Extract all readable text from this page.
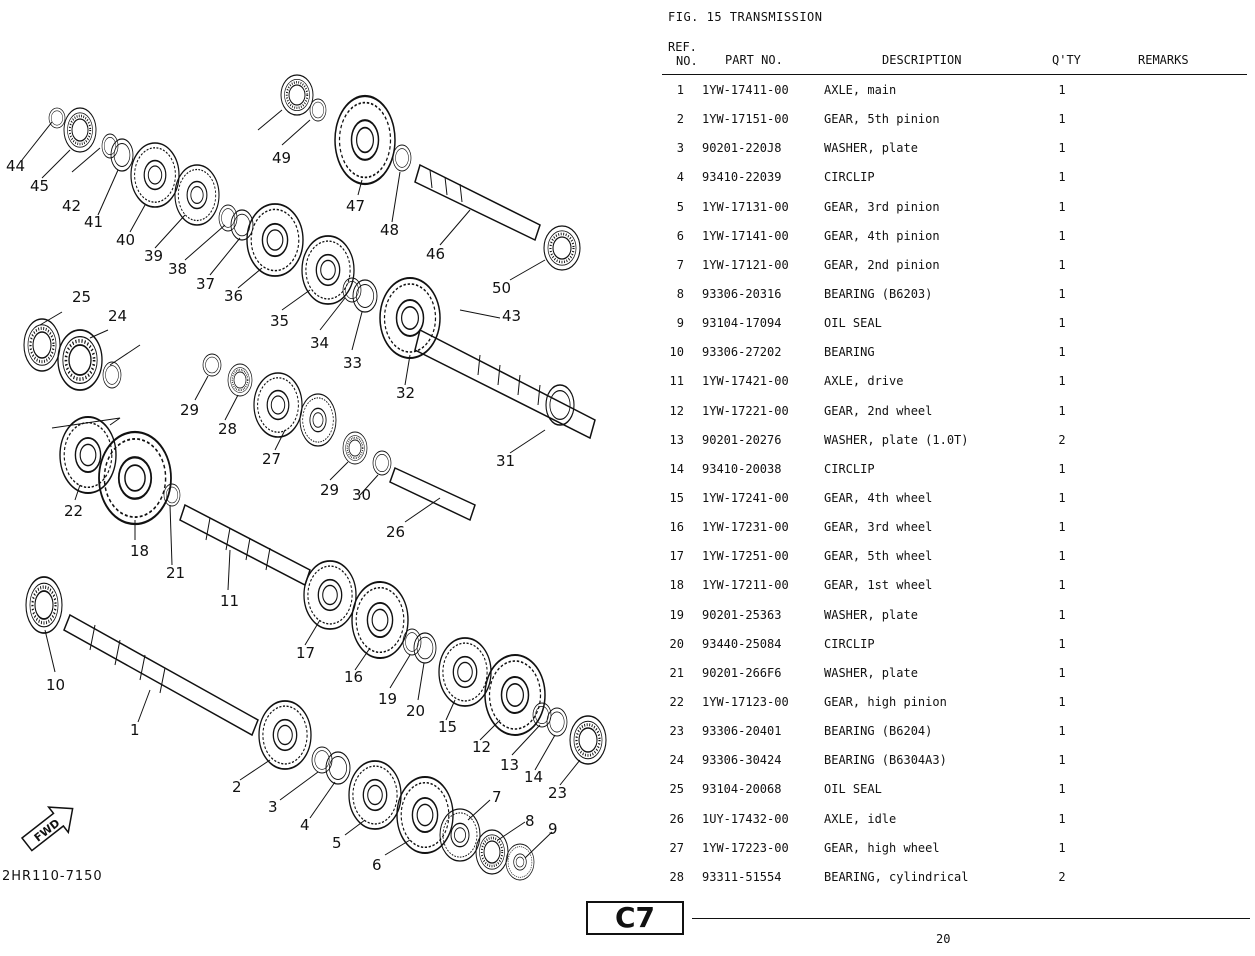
FWD
1
2
3
4
5
6
7
8 9
10
11
12
13
14
15
16
17
18
19
20
21
22
23
24
25
26
27
28
29
29
30
31
32
33
34
35
36
37
38
39
40
41
42
43
44
45
46
47
48
49
50
2HR110-7150
FIG. 15 TRANSMISSION
REF.
NO. PART NO.	DESCRIPTION	Q'TY	REMARKS
1 1YW-17411-00	AXLE, main	1
2 1YW-17151-00	GEAR, 5th pinion	1
3 90201-220J8	WASHER, plate	1
4 93410-22039	CIRCLIP	1
5 1YW-17131-00	GEAR, 3rd pinion	1
6 1YW-17141-00	GEAR, 4th pinion	1
7 1YW-17121-00	GEAR, 2nd pinion	1
8 93306-20316	BEARING (B6203)	1
9 93104-17094	OIL SEAL	1
10 93306-27202	BEARING	1
11 1YW-17421-00	AXLE, drive	1
12 1YW-17221-00	GEAR, 2nd wheel	1
13 90201-20276	WASHER, plate (1.0T)	2
14 93410-20038	CIRCLIP	1
15 1YW-17241-00	GEAR, 4th wheel	1
16 1YW-17231-00	GEAR, 3rd wheel	1
17 1YW-17251-00	GEAR, 5th wheel	1
18 1YW-17211-00	GEAR, 1st wheel	1
19 90201-25363	WASHER, plate	1
20 93440-25084	CIRCLIP	1
21 90201-266F6	WASHER, plate	1
22 1YW-17123-00	GEAR, high pinion	1
23 93306-20401	BEARING (B6204)	1
24 93306-30424	BEARING (B6304A3)	1
25 93104-20068	OIL SEAL	1
26 1UY-17432-00	AXLE, idle	1
27 1YW-17223-00	GEAR, high wheel	1
28 93311-51554	BEARING, cylindrical	2
C7
20
